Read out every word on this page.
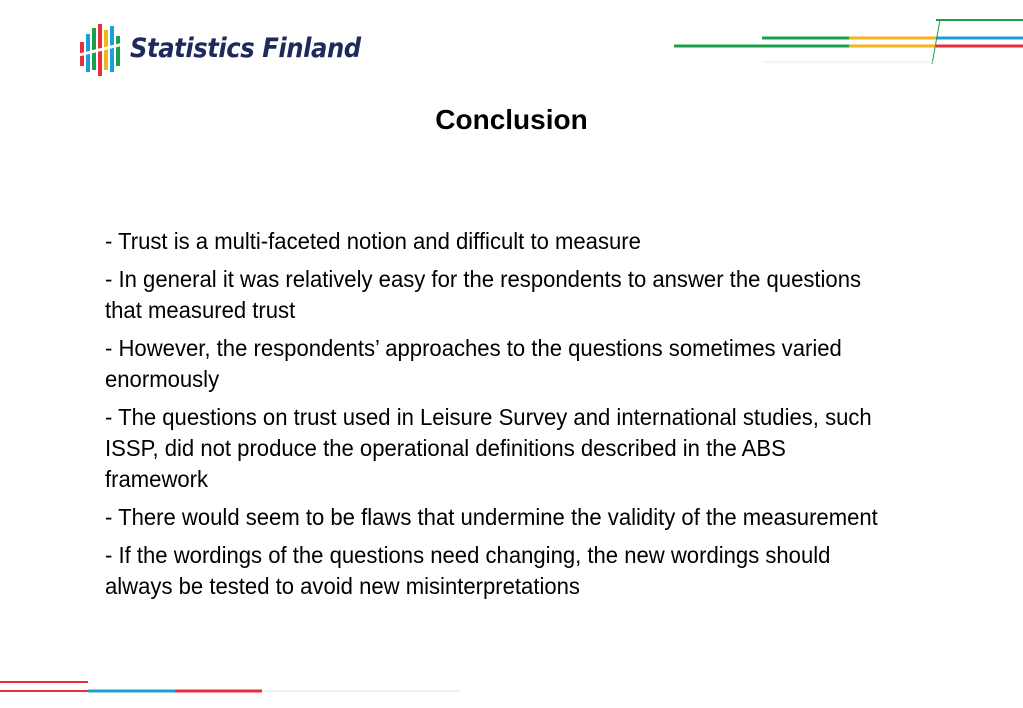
Statistics Finland
Conclusion
- Trust is a multi-faceted notion and difficult to measure
- In general it was relatively easy for the respondents to answer the questions that measured trust
- However, the respondents’ approaches to the questions sometimes varied enormously
- The questions on trust used in Leisure Survey and international studies, such ISSP, did not produce the operational definitions described in the ABS framework
- There would seem to be flaws that undermine the validity of the measurement
- If the wordings of the questions need changing, the new wordings should always be tested to avoid new misinterpretations
